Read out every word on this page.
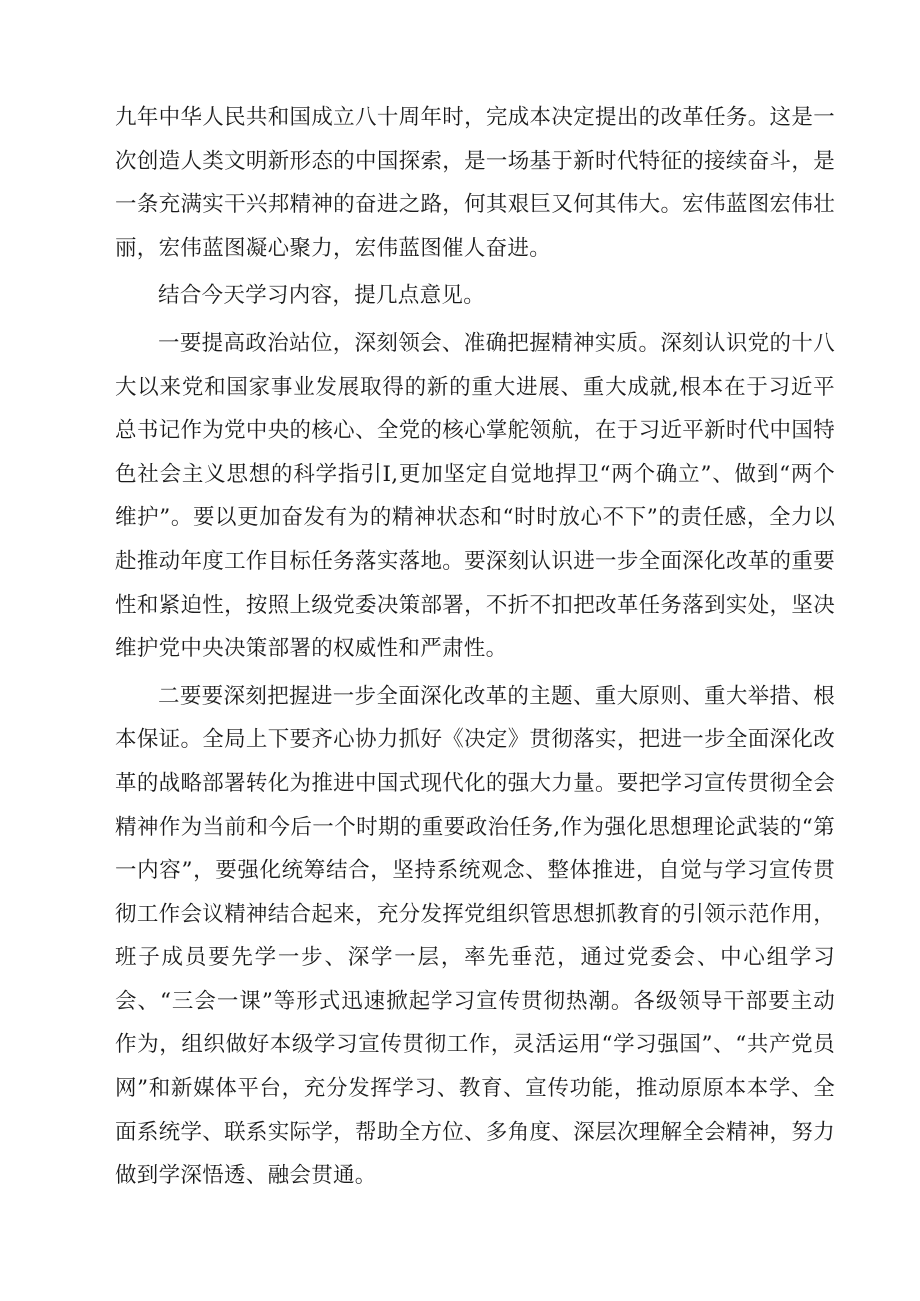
九年中华人民共和国成立八十周年时，完成本决定提出的改革任务。这是一次创造人类文明新形态的中国探索，是一场基于新时代特征的接续奋斗，是一条充满实干兴邦精神的奋进之路，何其艰巨又何其伟大。宏伟蓝图宏伟壮丽，宏伟蓝图凝心聚力，宏伟蓝图催人奋进。

结合今天学习内容，提几点意见。

一要提高政治站位，深刻领会、准确把握精神实质。深刻认识党的十八大以来党和国家事业发展取得的新的重大进展、重大成就,根本在于习近平总书记作为党中央的核心、全党的核心掌舵领航，在于习近平新时代中国特色社会主义思想的科学指引I,更加坚定自觉地捍卫“两个确立”、做到“两个维护”。要以更加奋发有为的精神状态和“时时放心不下”的责任感，全力以赴推动年度工作目标任务落实落地。要深刻认识进一步全面深化改革的重要性和紧迫性，按照上级党委决策部署，不折不扣把改革任务落到实处，坚决维护党中央决策部署的权威性和严肃性。

二要要深刻把握进一步全面深化改革的主题、重大原则、重大举措、根本保证。全局上下要齐心协力抓好《决定》贯彻落实，把进一步全面深化改革的战略部署转化为推进中国式现代化的强大力量。要把学习宣传贯彻全会精神作为当前和今后一个时期的重要政治任务,作为强化思想理论武装的“第一内容”，要强化统筹结合，坚持系统观念、整体推进，自觉与学习宣传贯彻工作会议精神结合起来，充分发挥党组织管思想抓教育的引领示范作用，班子成员要先学一步、深学一层，率先垂范，通过党委会、中心组学习会、“三会一课”等形式迅速掀起学习宣传贯彻热潮。各级领导干部要主动作为，组织做好本级学习宣传贯彻工作，灵活运用“学习强国”、“共产党员网”和新媒体平台，充分发挥学习、教育、宣传功能，推动原原本本学、全面系统学、联系实际学，帮助全方位、多角度、深层次理解全会精神，努力做到学深悟透、融会贯通。
